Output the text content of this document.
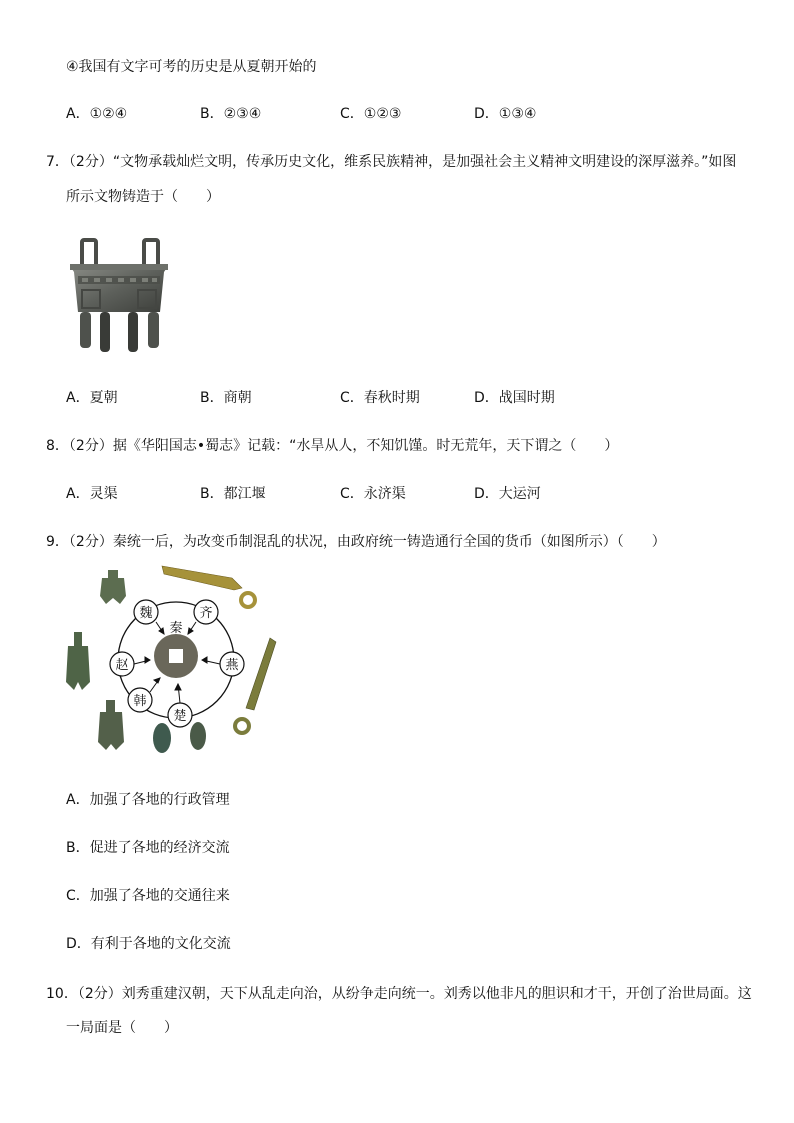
④我国有文字可考的历史是从夏朝开始的
A．①②④	B．②③④	C．①②③	D．①③④
7．（2分）“文物承载灿烂文明，传承历史文化，维系民族精神，是加强社会主义精神文明建设的深厚滋养。”如图
所示文物铸造于（　　）
A．夏朝	B．商朝	C．春秋时期	D．战国时期
8．（2分）据《华阳国志•蜀志》记载：“水旱从人，不知饥馑。时无荒年，天下谓之（　　）
A．灵渠	B．都江堰	C．永济渠	D．大运河
9．（2分）秦统一后，为改变币制混乱的状况，由政府统一铸造通行全国的货币（如图所示）（　　）
秦
魏	齐
赵	燕
韩
楚
A．加强了各地的行政管理
B．促进了各地的经济交流
C．加强了各地的交通往来
D．有利于各地的文化交流
10．（2分）刘秀重建汉朝，天下从乱走向治，从纷争走向统一。刘秀以他非凡的胆识和才干，开创了治世局面。这
一局面是（　　）
